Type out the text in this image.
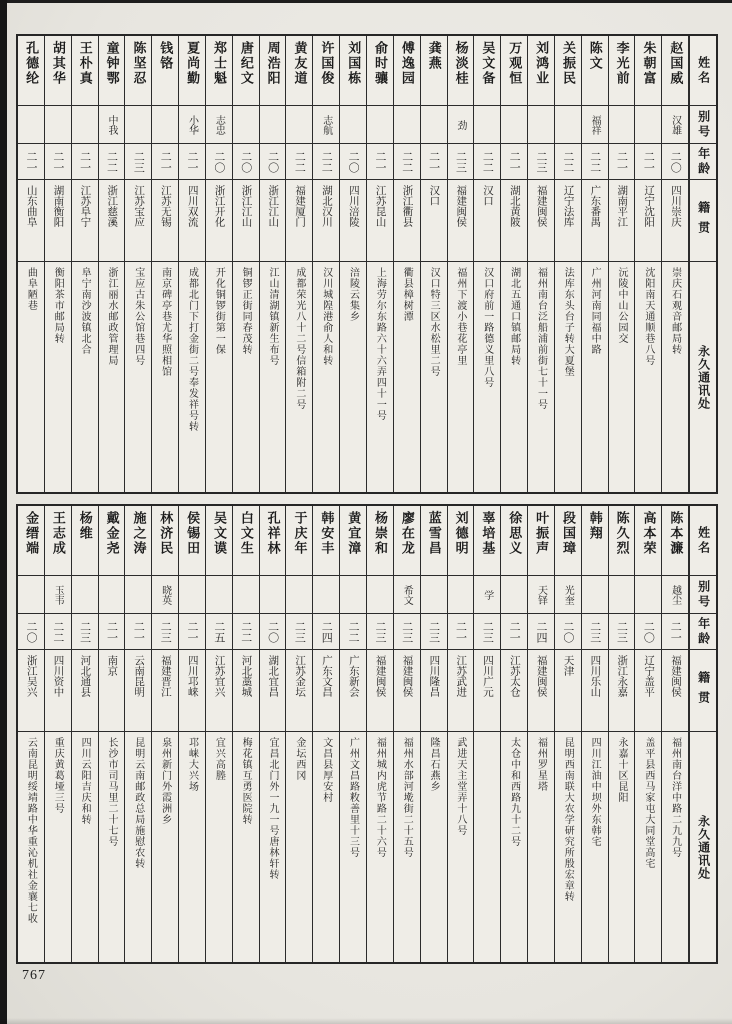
孔德纶
二一
山东曲阜
曲阜陋巷
胡其华
二一
湖南衡阳
衡阳茶市邮局转
王朴真
二一
江苏阜宁
阜宁南沙波镇北合
童钟鄂
中我
二二
浙江慈溪
浙江丽水邮政管理局
陈坚忍
二三
江苏宝应
宝应古朱公馆巷四号
钱铬
二一
江苏无锡
南京碑亭巷尤华照相馆
夏尚勤
小华
二一
四川双流
成都北门下打金街二号奉发祥号转
郑士魁
志忠
二〇
浙江开化
开化铜锣街第一保
唐纪文
二〇
浙江江山
铜锣正街同春茂转
周浩阳
二〇
浙江江山
江山清湖镇新生布号
黄友道
二二
福建厦门
成都荣光八十二号信箱附二号
许国俊
志航
二二
湖北汉川
汉川城隍港俞人和转
刘国栋
二〇
四川涪陵
涪陵云集乡
俞时骧
二一
江苏昆山
上海劳尔东路六十六弄四十一号
傅逸园
二二
浙江衢县
衢县樟树潭
龚燕
二一
汉口
汉口特三区水松里二号
杨淡桂
劲
二三
福建闽侯
福州下渡小巷花亭里
吴文备
二二
汉口
汉口府前一路德义里八号
万观恒
二一
湖北黄陂
湖北五通口镇邮局转
刘鸿业
二三
福建闽侯
福州南台泛船浦前街七十一号
关振民
二二
辽宁法库
法库东头台子转大夏堡
陈文
福祥
二二
广东番禺
广州河南同福中路
李光前
二一
湖南平江
沅陵中山公园交
朱朝富
二一
辽宁沈阳
沈阳南天通顺巷八号
赵国威
汉雄
二〇
四川崇庆
崇庆石观音邮局转
姓名
别号
年龄
籍贯
永久通讯处
金缙端
二〇
浙江吴兴
云南昆明绥靖路中华重沁机社金襄七收
王志成
玉韦
二二
四川资中
重庆黄葛垭三号
杨维
二三
河北通县
四川云阳吉庆和转
戴金尧
二一
南京
长沙市司马里二十七号
施之涛
二一
云南昆明
昆明云南邮政总局施慰农转
林济民
晓英
二三
福建晋江
泉州新门外霞洲乡
侯锡田
二一
四川邛崃
邛崃大兴场
吴文谟
二五
江苏宜兴
宜兴高塍
白文生
二二
河北藁城
梅花镇互勇医院转
孔祥林
二〇
湖北宜昌
宜昌北门外一九一号唐林轩转
于庆年
二三
江苏金坛
金坛西冈
韩安丰
二四
广东文昌
文昌县厚安村
黄宜漳
二二
广东新会
广州文昌路敉善里十三号
杨崇和
二三
福建闽侯
福州城内虎节路二十六号
廖在龙
希文
二三
福建闽侯
福州水部河墘街二十五号
蓝雪昌
二三
四川隆昌
隆昌石燕乡
刘德明
二一
江苏武进
武进天主堂弄十八号
辜培基
学
二三
四川广元
徐思义
二一
江苏太仓
太仓中和西路九十二号
叶振声
天铎
二四
福建闽侯
福州罗星塔
段国璋
光奎
二〇
天津
昆明西南联大农学研究所殷宏章转
韩翔
二三
四川乐山
四川江油中坝外东韩宅
陈久烈
二三
浙江永嘉
永嘉十区昆阳
高本荣
二〇
辽宁盖平
盖平县西马家屯大同堂高宅
陈本濂
越尘
二一
福建闽侯
福州南台洋中路二九九号
姓名
别号
年龄
籍贯
永久通讯处
767
